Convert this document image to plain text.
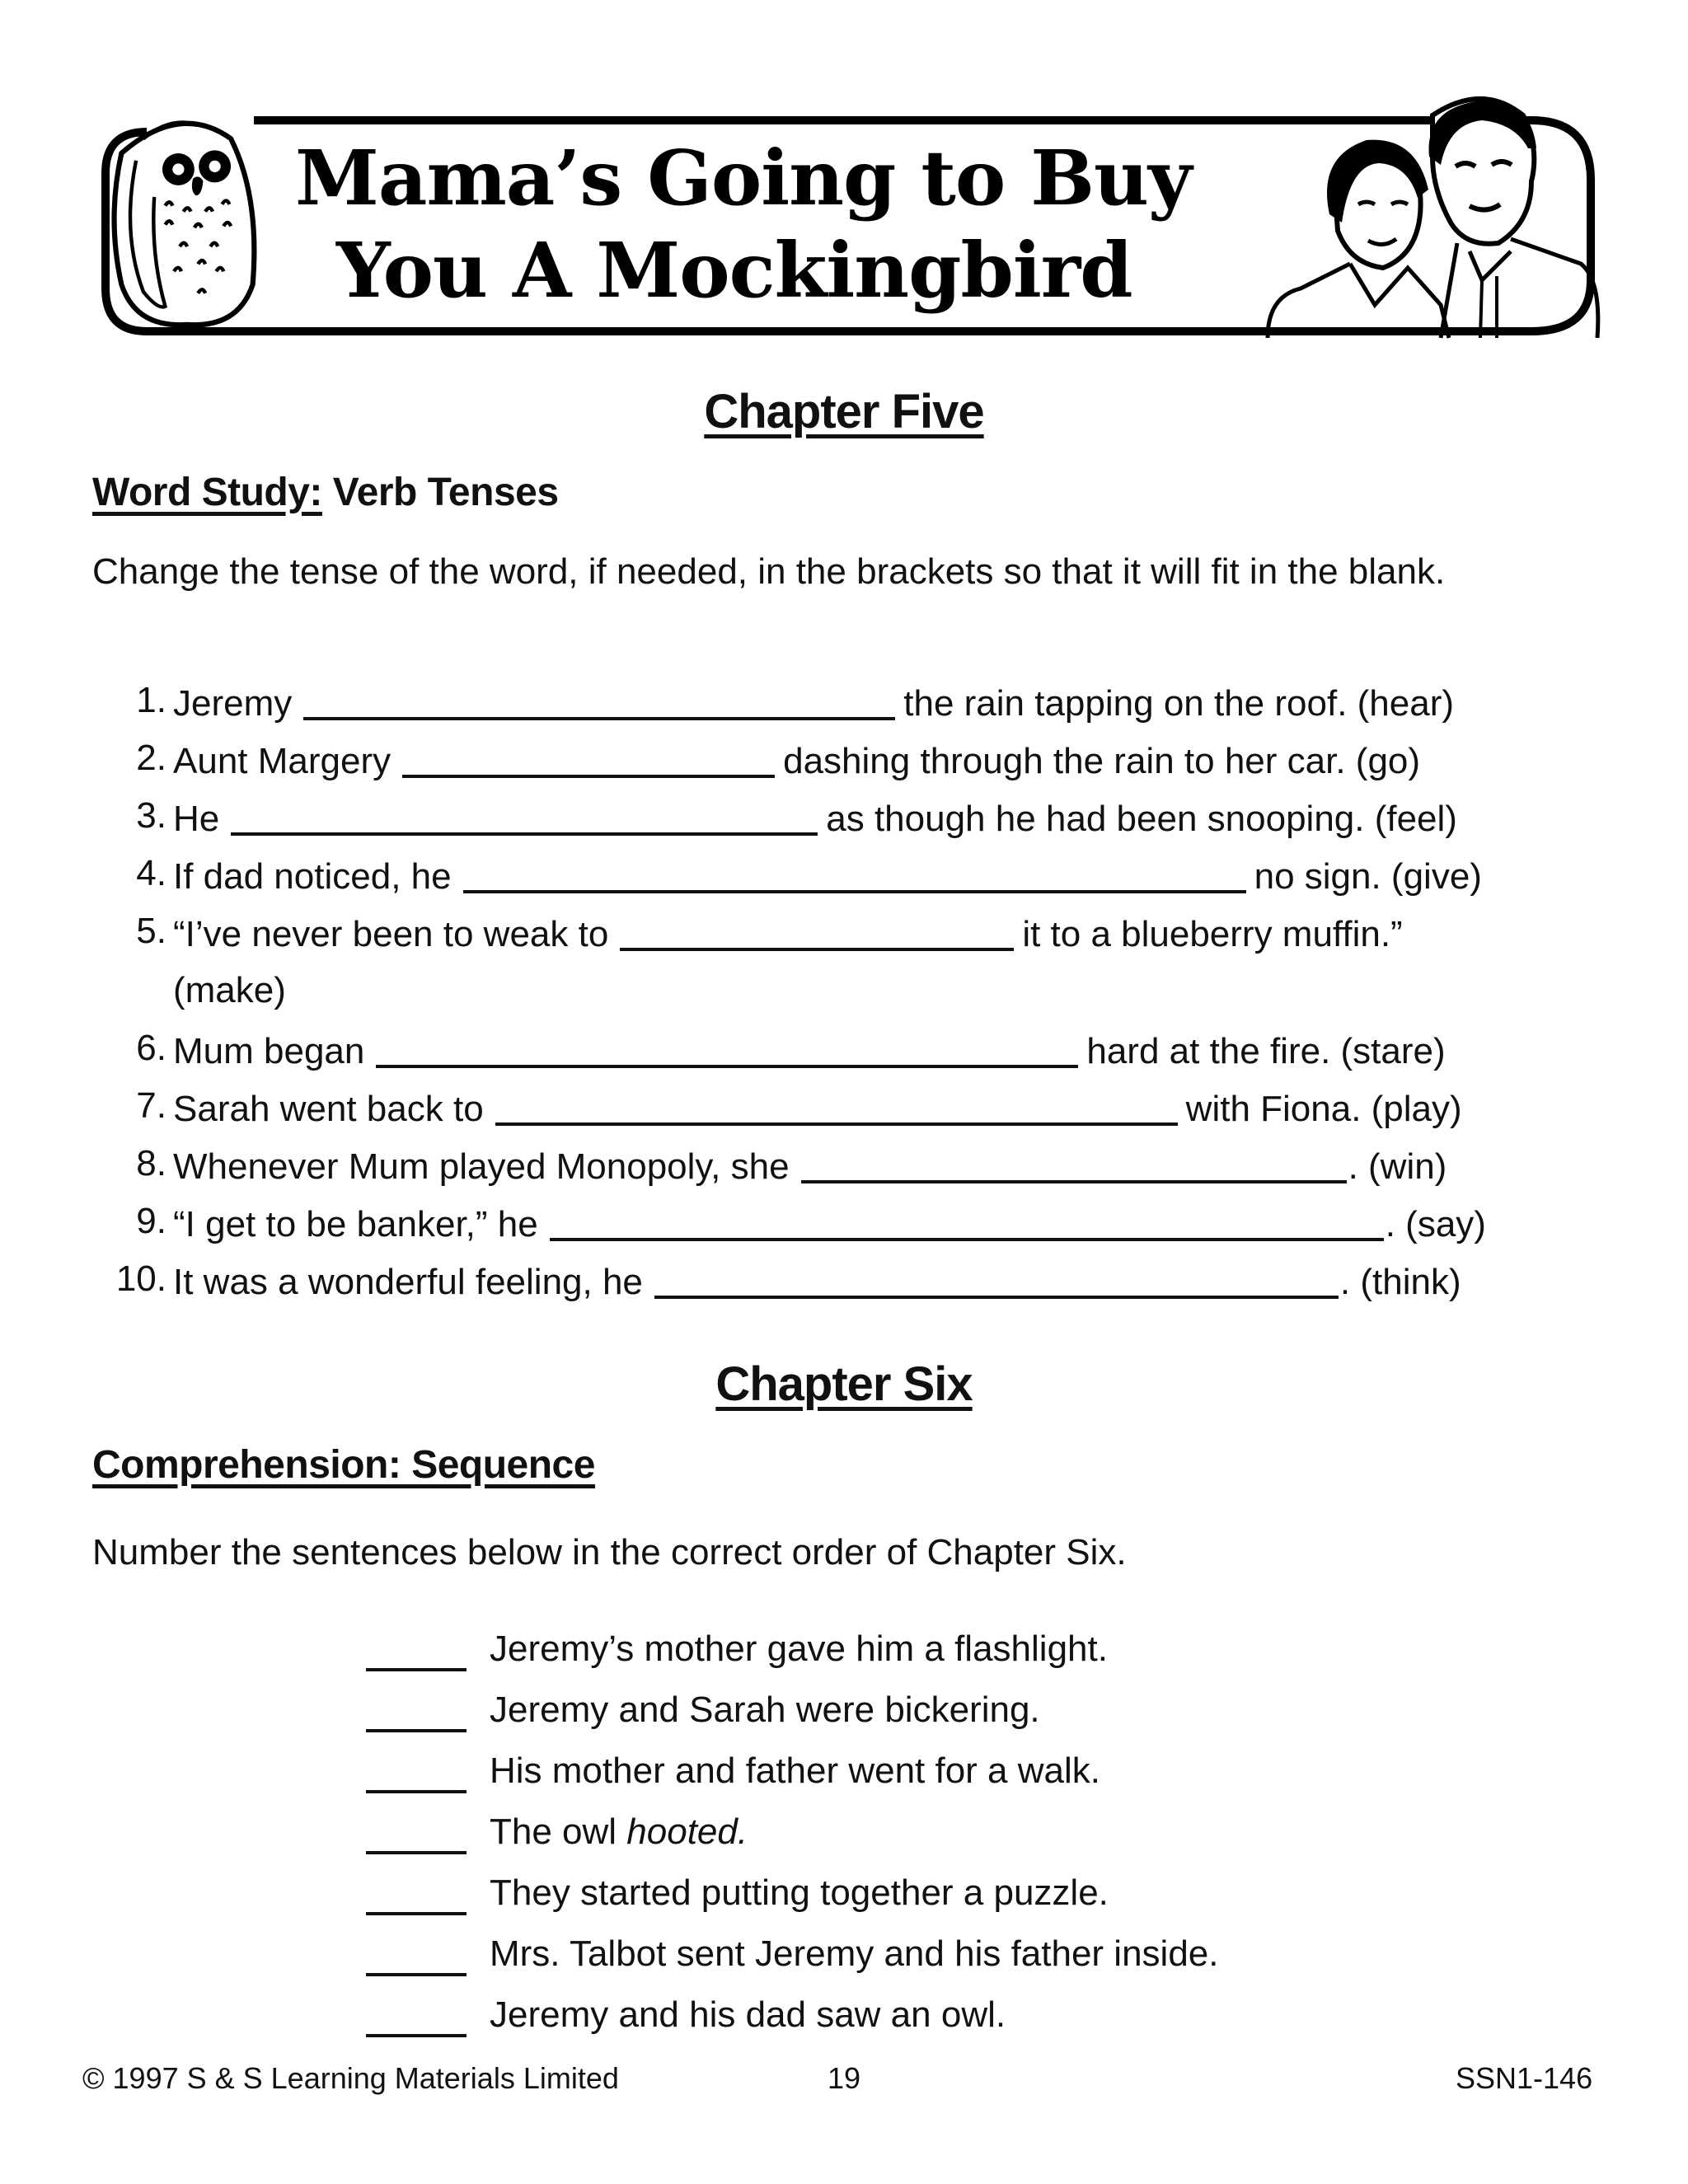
Mama’s Going to Buy
You A Mockingbird
Chapter Five
Word Study: Verb Tenses
Change the tense of the word, if needed, in the brackets so that it will fit in the blank.
1. Jeremy	the rain tapping on the roof. (hear)
2. Aunt Margery	dashing through the rain to her car. (go)
3. He	as though he had been snooping. (feel)
4. If dad noticed, he	no sign. (give)
5. “I’ve never been to weak to	it to a blueberry muffin.”
(make)
6. Mum began	hard at the fire. (stare)
7. Sarah went back to	with Fiona. (play)
8. Whenever Mum played Monopoly, she	. (win)
9. “I get to be banker,” he	. (say)
10. It was a wonderful feeling, he	. (think)
Chapter Six
Comprehension: Sequence
Number the sentences below in the correct order of Chapter Six.
Jeremy’s mother gave him a flashlight.
Jeremy and Sarah were bickering.
His mother and father went for a walk.
The owl hooted.
They started putting together a puzzle.
Mrs. Talbot sent Jeremy and his father inside.
Jeremy and his dad saw an owl.
© 1997 S & S Learning Materials Limited	19	SSN1-146
